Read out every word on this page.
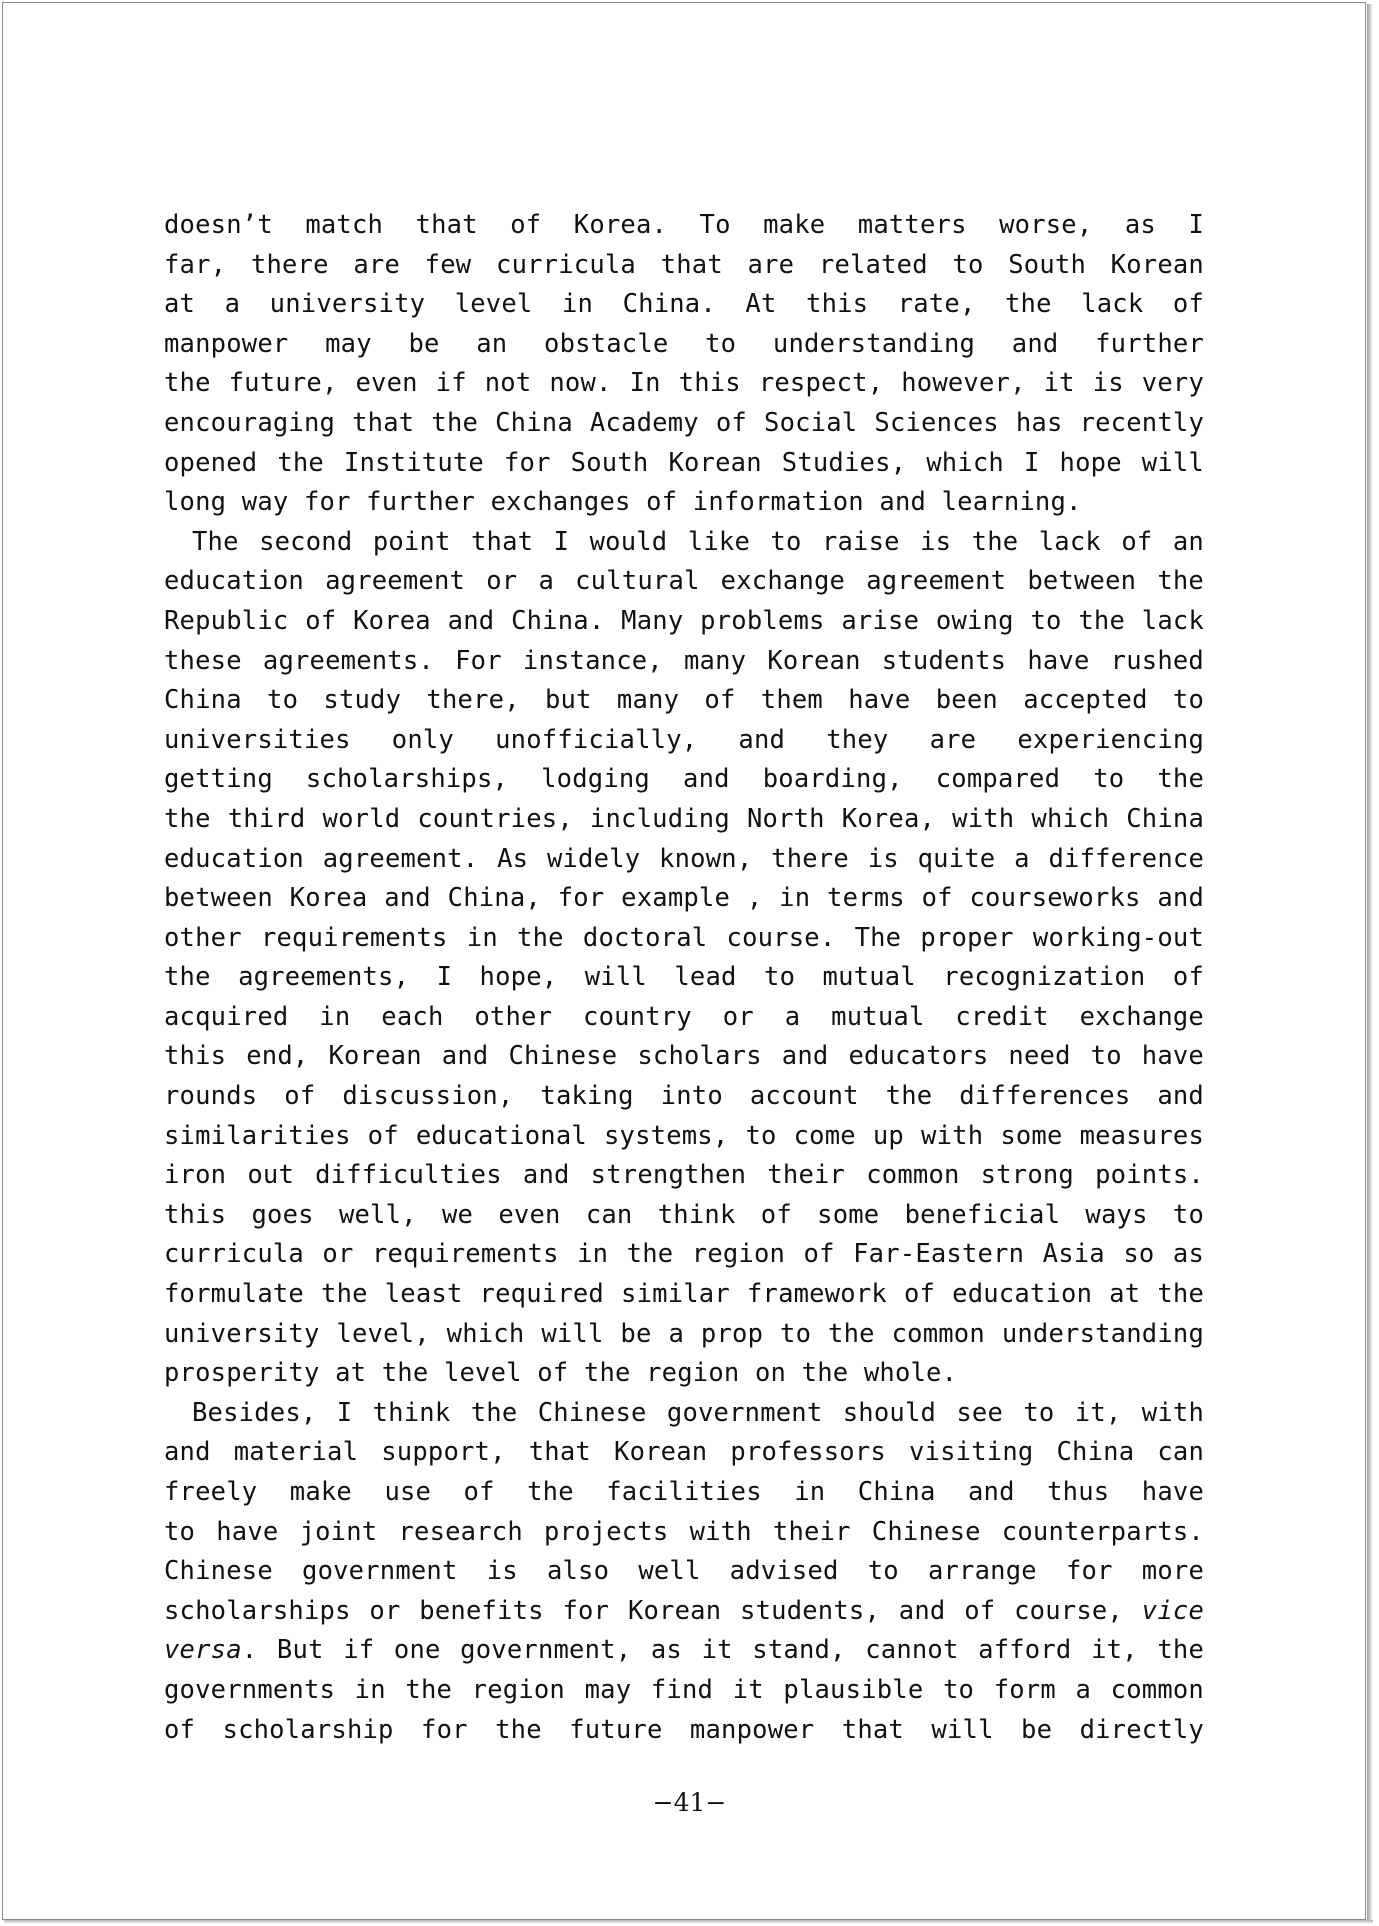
doesn’t match that of Korea. To make matters worse, as I
far, there are few curricula that are related to South Korean
at a university level in China. At this rate, the lack of
manpower may be an obstacle to understanding and further
the future, even if not now. In this respect, however, it is very
encouraging that the China Academy of Social Sciences has recently
opened the Institute for South Korean Studies, which I hope will
long way for further exchanges of information and learning.
The second point that I would like to raise is the lack of an
education agreement or a cultural exchange agreement between the
Republic of Korea and China. Many problems arise owing to the lack
these agreements. For instance, many Korean students have rushed
China to study there, but many of them have been accepted to
universities only unofficially, and they are experiencing
getting scholarships, lodging and boarding, compared to the
the third world countries, including North Korea, with which China
education agreement. As widely known, there is quite a difference
between Korea and China, for example , in terms of courseworks and
other requirements in the doctoral course. The proper working-out
the agreements, I hope, will lead to mutual recognization of
acquired in each other country or a mutual credit exchange
this end, Korean and Chinese scholars and educators need to have
rounds of discussion, taking into account the differences and
similarities of educational systems, to come up with some measures
iron out difficulties and strengthen their common strong points.
this goes well, we even can think of some beneficial ways to
curricula or requirements in the region of Far-Eastern Asia so as
formulate the least required similar framework of education at the
university level, which will be a prop to the common understanding
prosperity at the level of the region on the whole.
Besides, I think the Chinese government should see to it, with
and material support, that Korean professors visiting China can
freely make use of the facilities in China and thus have
to have joint research projects with their Chinese counterparts.
Chinese government is also well advised to arrange for more
scholarships or benefits for Korean students, and of course, vice
versa. But if one government, as it stand, cannot afford it, the
governments in the region may find it plausible to form a common
of scholarship for the future manpower that will be directly
−41−
